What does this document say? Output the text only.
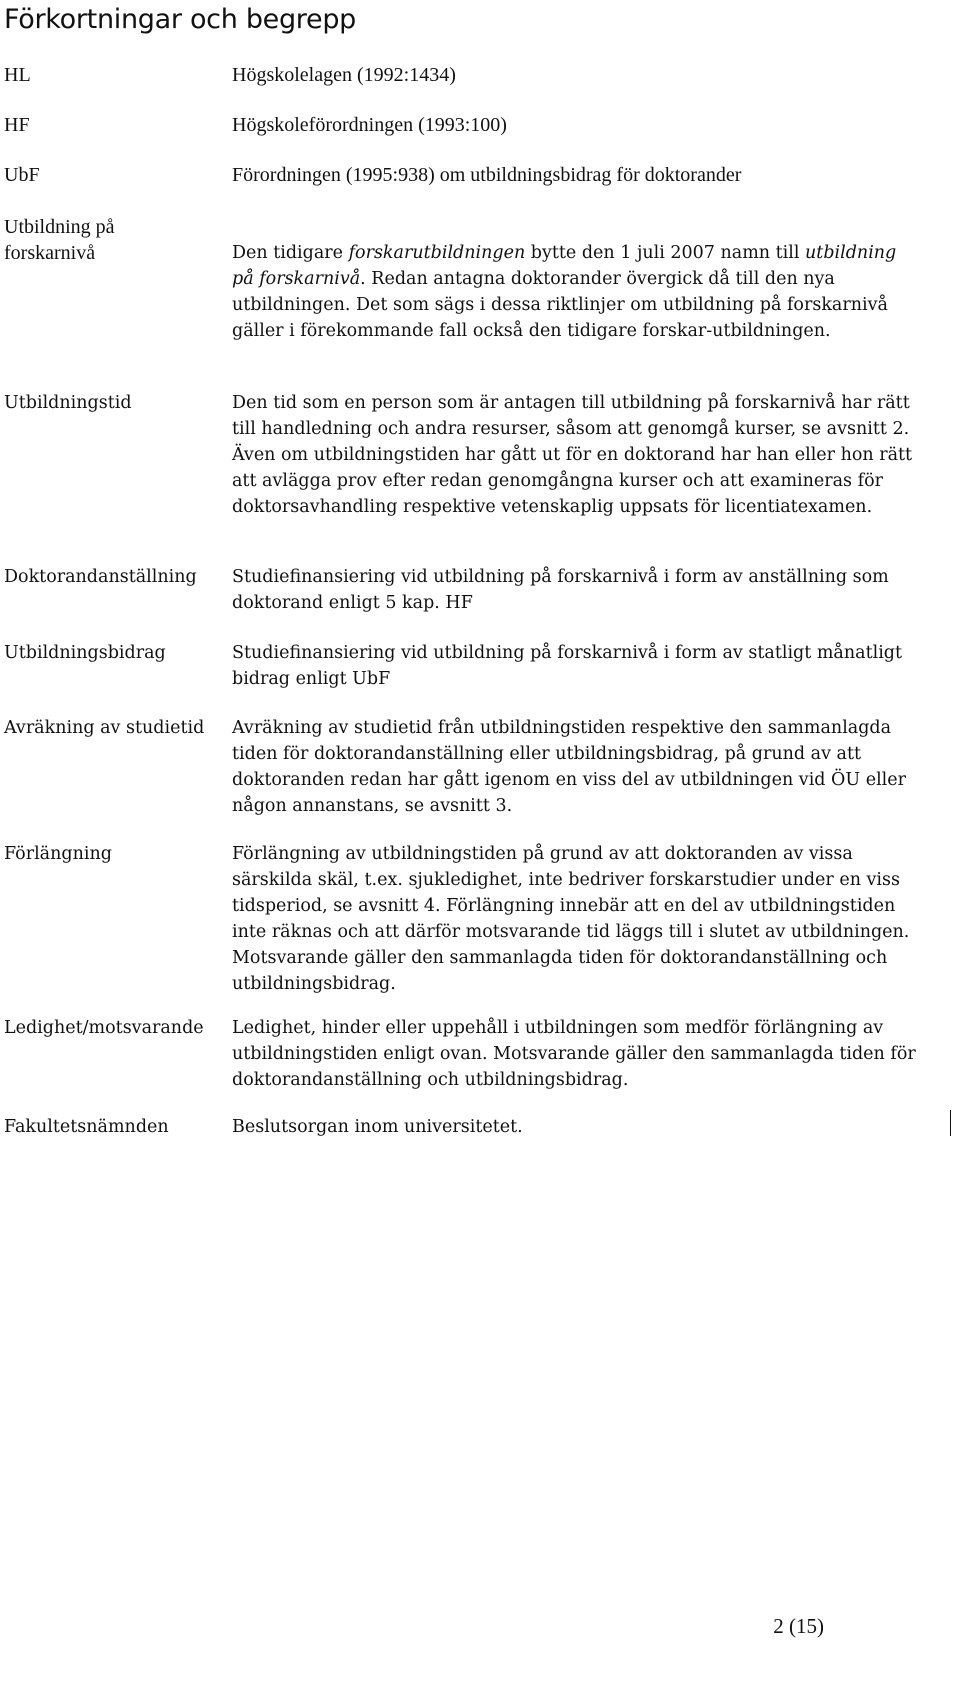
Förkortningar och begrepp
HL	Högskolelagen (1992:1434)
HF	Högskoleförordningen (1993:100)
UbF	Förordningen (1995:938) om utbildningsbidrag för doktorander
Utbildning på
forskarnivå	Den tidigare forskarutbildningen bytte den 1 juli 2007 namn till utbildning på forskarnivå. Redan antagna doktorander övergick då till den nya utbildningen. Det som sägs i dessa riktlinjer om utbildning på forskarnivå gäller i förekommande fall också den tidigare forskar-utbildningen.
Utbildningstid	Den tid som en person som är antagen till utbildning på forskarnivå har rätt till handledning och andra resurser, såsom att genomgå kurser, se avsnitt 2. Även om utbildningstiden har gått ut för en doktorand har han eller hon rätt att avlägga prov efter redan genomgångna kurser och att examineras för doktorsavhandling respektive vetenskaplig uppsats för licentiatexamen.
Doktorandanställning	Studiefinansiering vid utbildning på forskarnivå i form av anställning som doktorand enligt 5 kap. HF
Utbildningsbidrag	Studiefinansiering vid utbildning på forskarnivå i form av statligt månatligt bidrag enligt UbF
Avräkning av studietid	Avräkning av studietid från utbildningstiden respektive den sammanlagda tiden för doktorandanställning eller utbildningsbidrag, på grund av att doktoranden redan har gått igenom en viss del av utbildningen vid ÖU eller någon annanstans, se avsnitt 3.
Förlängning	Förlängning av utbildningstiden på grund av att doktoranden av vissa särskilda skäl, t.ex. sjukledighet, inte bedriver forskarstudier under en viss tidsperiod, se avsnitt 4. Förlängning innebär att en del av utbildningstiden inte räknas och att därför motsvarande tid läggs till i slutet av utbildningen. Motsvarande gäller den sammanlagda tiden för doktorandanställning och utbildningsbidrag.
Ledighet/motsvarande	Ledighet, hinder eller uppehåll i utbildningen som medför förlängning av utbildningstiden enligt ovan. Motsvarande gäller den sammanlagda tiden för doktorandanställning och utbildningsbidrag.
Fakultetsnämnden	Beslutsorgan inom universitetet.
2 (15)
